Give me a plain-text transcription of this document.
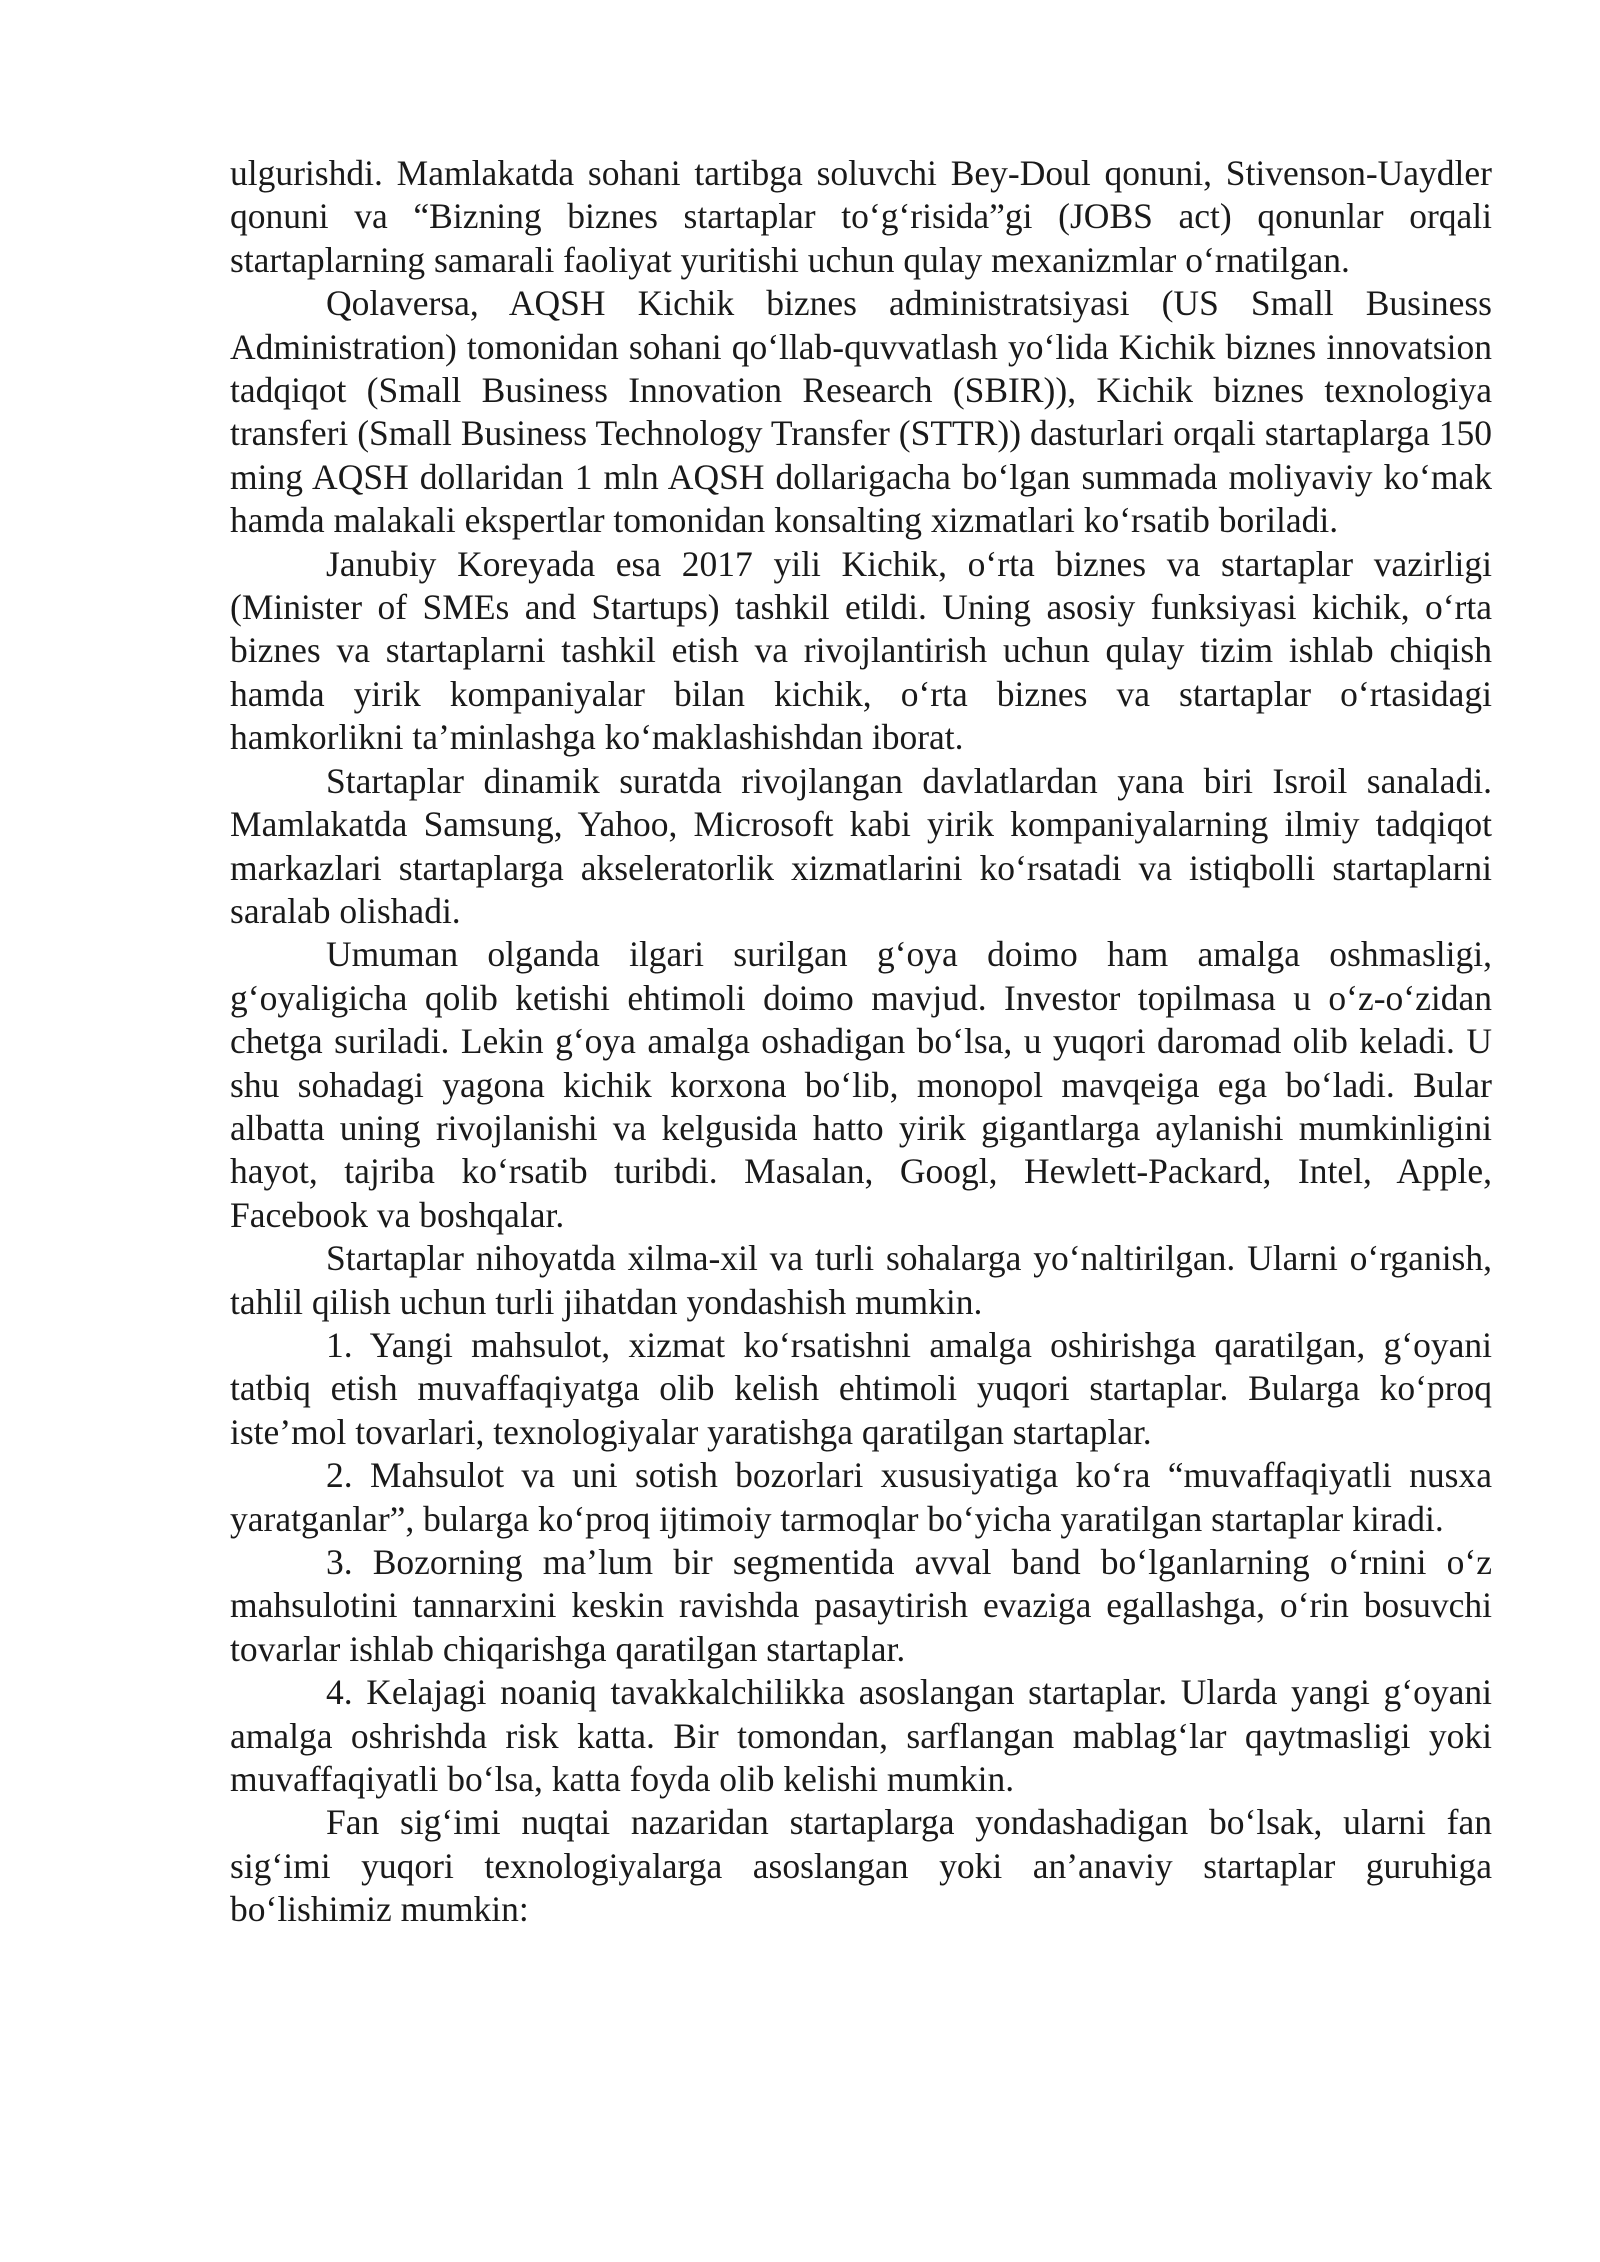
ulgurishdi. Mamlakatda sohani tartibga soluvchi Bey-Doul qonuni, Stivenson-Uaydler qonuni va “Bizning biznes startaplar to‘g‘risida”gi (JOBS act) qonunlar orqali startaplarning samarali faoliyat yuritishi uchun qulay mexanizmlar o‘rnatilgan.

Qolaversa, AQSH Kichik biznes administratsiyasi (US Small Business Administration) tomonidan sohani qo‘llab-quvvatlash yo‘lida Kichik biznes innovatsion tadqiqot (Small Business Innovation Research (SBIR)), Kichik biznes texnologiya transferi (Small Business Technology Transfer (STTR)) dasturlari orqali startaplarga 150 ming AQSH dollaridan 1 mln AQSH dollarigacha bo‘lgan summada moliyaviy ko‘mak hamda malakali ekspertlar tomonidan konsalting xizmatlari ko‘rsatib boriladi.

Janubiy Koreyada esa 2017 yili Kichik, o‘rta biznes va startaplar vazirligi (Minister of SMEs and Startups) tashkil etildi. Uning asosiy funksiyasi kichik, o‘rta biznes va startaplarni tashkil etish va rivojlantirish uchun qulay tizim ishlab chiqish hamda yirik kompaniyalar bilan kichik, o‘rta biznes va startaplar o‘rtasidagi hamkorlikni ta’minlashga ko‘maklashishdan iborat.

Startaplar dinamik suratda rivojlangan davlatlardan yana biri Isroil sanaladi. Mamlakatda Samsung, Yahoo, Microsoft kabi yirik kompaniyalarning ilmiy tadqiqot markazlari startaplarga akseleratorlik xizmatlarini ko‘rsatadi va istiqbolli startaplarni saralab olishadi.

Umuman olganda ilgari surilgan g‘oya doimo ham amalga oshmasligi, g‘oyaligicha qolib ketishi ehtimoli doimo mavjud. Investor topilmasa u o‘z-o‘zidan chetga suriladi. Lekin g‘oya amalga oshadigan bo‘lsa, u yuqori daromad olib keladi. U shu sohadagi yagona kichik korxona bo‘lib, monopol mavqeiga ega bo‘ladi. Bular albatta uning rivojlanishi va kelgusida hatto yirik gigantlarga aylanishi mumkinligini hayot, tajriba ko‘rsatib turibdi. Masalan, Googl, Hewlett-Packard, Intel, Apple, Facebook va boshqalar.

Startaplar nihoyatda xilma-xil va turli sohalarga yo‘naltirilgan. Ularni o‘rganish, tahlil qilish uchun turli jihatdan yondashish mumkin.

1. Yangi mahsulot, xizmat ko‘rsatishni amalga oshirishga qaratilgan, g‘oyani tatbiq etish muvaffaqiyatga olib kelish ehtimoli yuqori startaplar. Bularga ko‘proq iste’mol tovarlari, texnologiyalar yaratishga qaratilgan startaplar.

2. Mahsulot va uni sotish bozorlari xususiyatiga ko‘ra “muvaffaqiyatli nusxa yaratganlar”, bularga ko‘proq ijtimoiy tarmoqlar bo‘yicha yaratilgan startaplar kiradi.

3. Bozorning ma’lum bir segmentida avval band bo‘lganlarning o‘rnini o‘z mahsulotini tannarxini keskin ravishda pasaytirish evaziga egallashga, o‘rin bosuvchi tovarlar ishlab chiqarishga qaratilgan startaplar.

4. Kelajagi noaniq tavakkalchilikka asoslangan startaplar. Ularda yangi g‘oyani amalga oshrishda risk katta. Bir tomondan, sarflangan mablag‘lar qaytmasligi yoki muvaffaqiyatli bo‘lsa, katta foyda olib kelishi mumkin.

Fan sig‘imi nuqtai nazaridan startaplarga yondashadigan bo‘lsak, ularni fan sig‘imi yuqori texnologiyalarga asoslangan yoki an’anaviy startaplar guruhiga bo‘lishimiz mumkin:
